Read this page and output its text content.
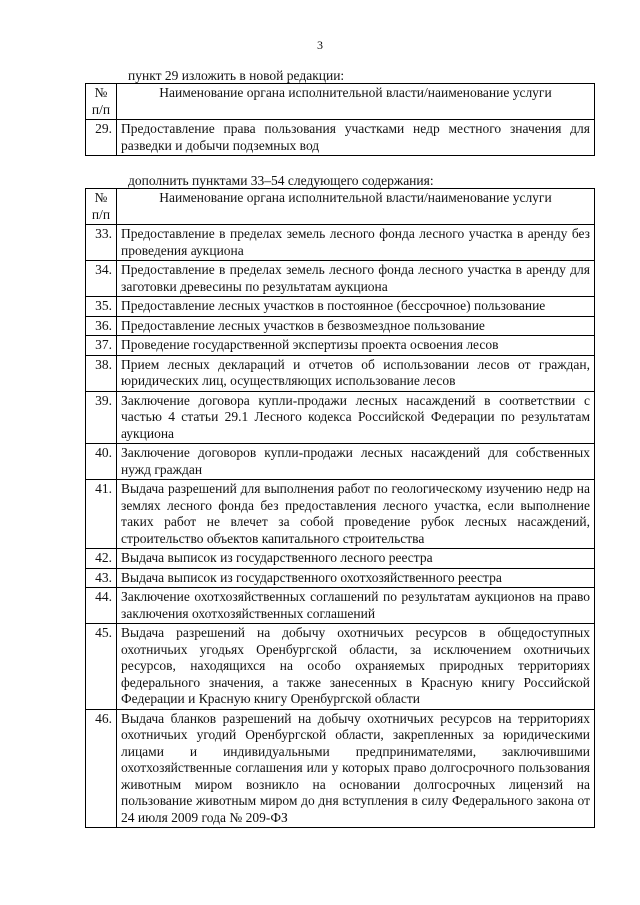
3
пункт 29 изложить в новой редакции:
№
п/п	Наименование органа исполнительной власти/наименование услуги
29.	Предоставление права пользования участками недр местного значения для разведки и добычи подземных вод
дополнить пунктами 33–54 следующего содержания:
№
п/п	Наименование органа исполнительной власти/наименование услуги
33.	Предоставление в пределах земель лесного фонда лесного участка в аренду без проведения аукциона
34.	Предоставление в пределах земель лесного фонда лесного участка в аренду для заготовки древесины по результатам аукциона
35.	Предоставление лесных участков в постоянное (бессрочное) пользование
36.	Предоставление лесных участков в безвозмездное пользование
37.	Проведение государственной экспертизы проекта освоения лесов
38.	Прием лесных деклараций и отчетов об использовании лесов от граждан, юридических лиц, осуществляющих использование лесов
39.	Заключение договора купли-продажи лесных насаждений в соответствии с частью 4 статьи 29.1 Лесного кодекса Российской Федерации по результатам аукциона
40.	Заключение договоров купли-продажи лесных насаждений для собственных нужд граждан
41.	Выдача разрешений для выполнения работ по геологическому изучению недр на землях лесного фонда без предоставления лесного участка, если выполнение таких работ не влечет за собой проведение рубок лесных насаждений, строительство объектов капитального строительства
42.	Выдача выписок из государственного лесного реестра
43.	Выдача выписок из государственного охотхозяйственного реестра
44.	Заключение охотхозяйственных соглашений по результатам аукционов на право заключения охотхозяйственных соглашений
45.	Выдача разрешений на добычу охотничьих ресурсов в общедоступных охотничьих угодьях Оренбургской области, за исключением охотничьих ресурсов, находящихся на особо охраняемых природных территориях федерального значения, а также занесенных в Красную книгу Российской Федерации и Красную книгу Оренбургской области
46.	Выдача бланков разрешений на добычу охотничьих ресурсов на территориях охотничьих угодий Оренбургской области, закрепленных за юридическими лицами и индивидуальными предпринимателями, заключившими охотхозяйственные соглашения или у которых право долгосрочного пользования животным миром возникло на основании долгосрочных лицензий на пользование животным миром до дня вступления в силу Федерального закона от 24 июля 2009 года № 209-ФЗ
